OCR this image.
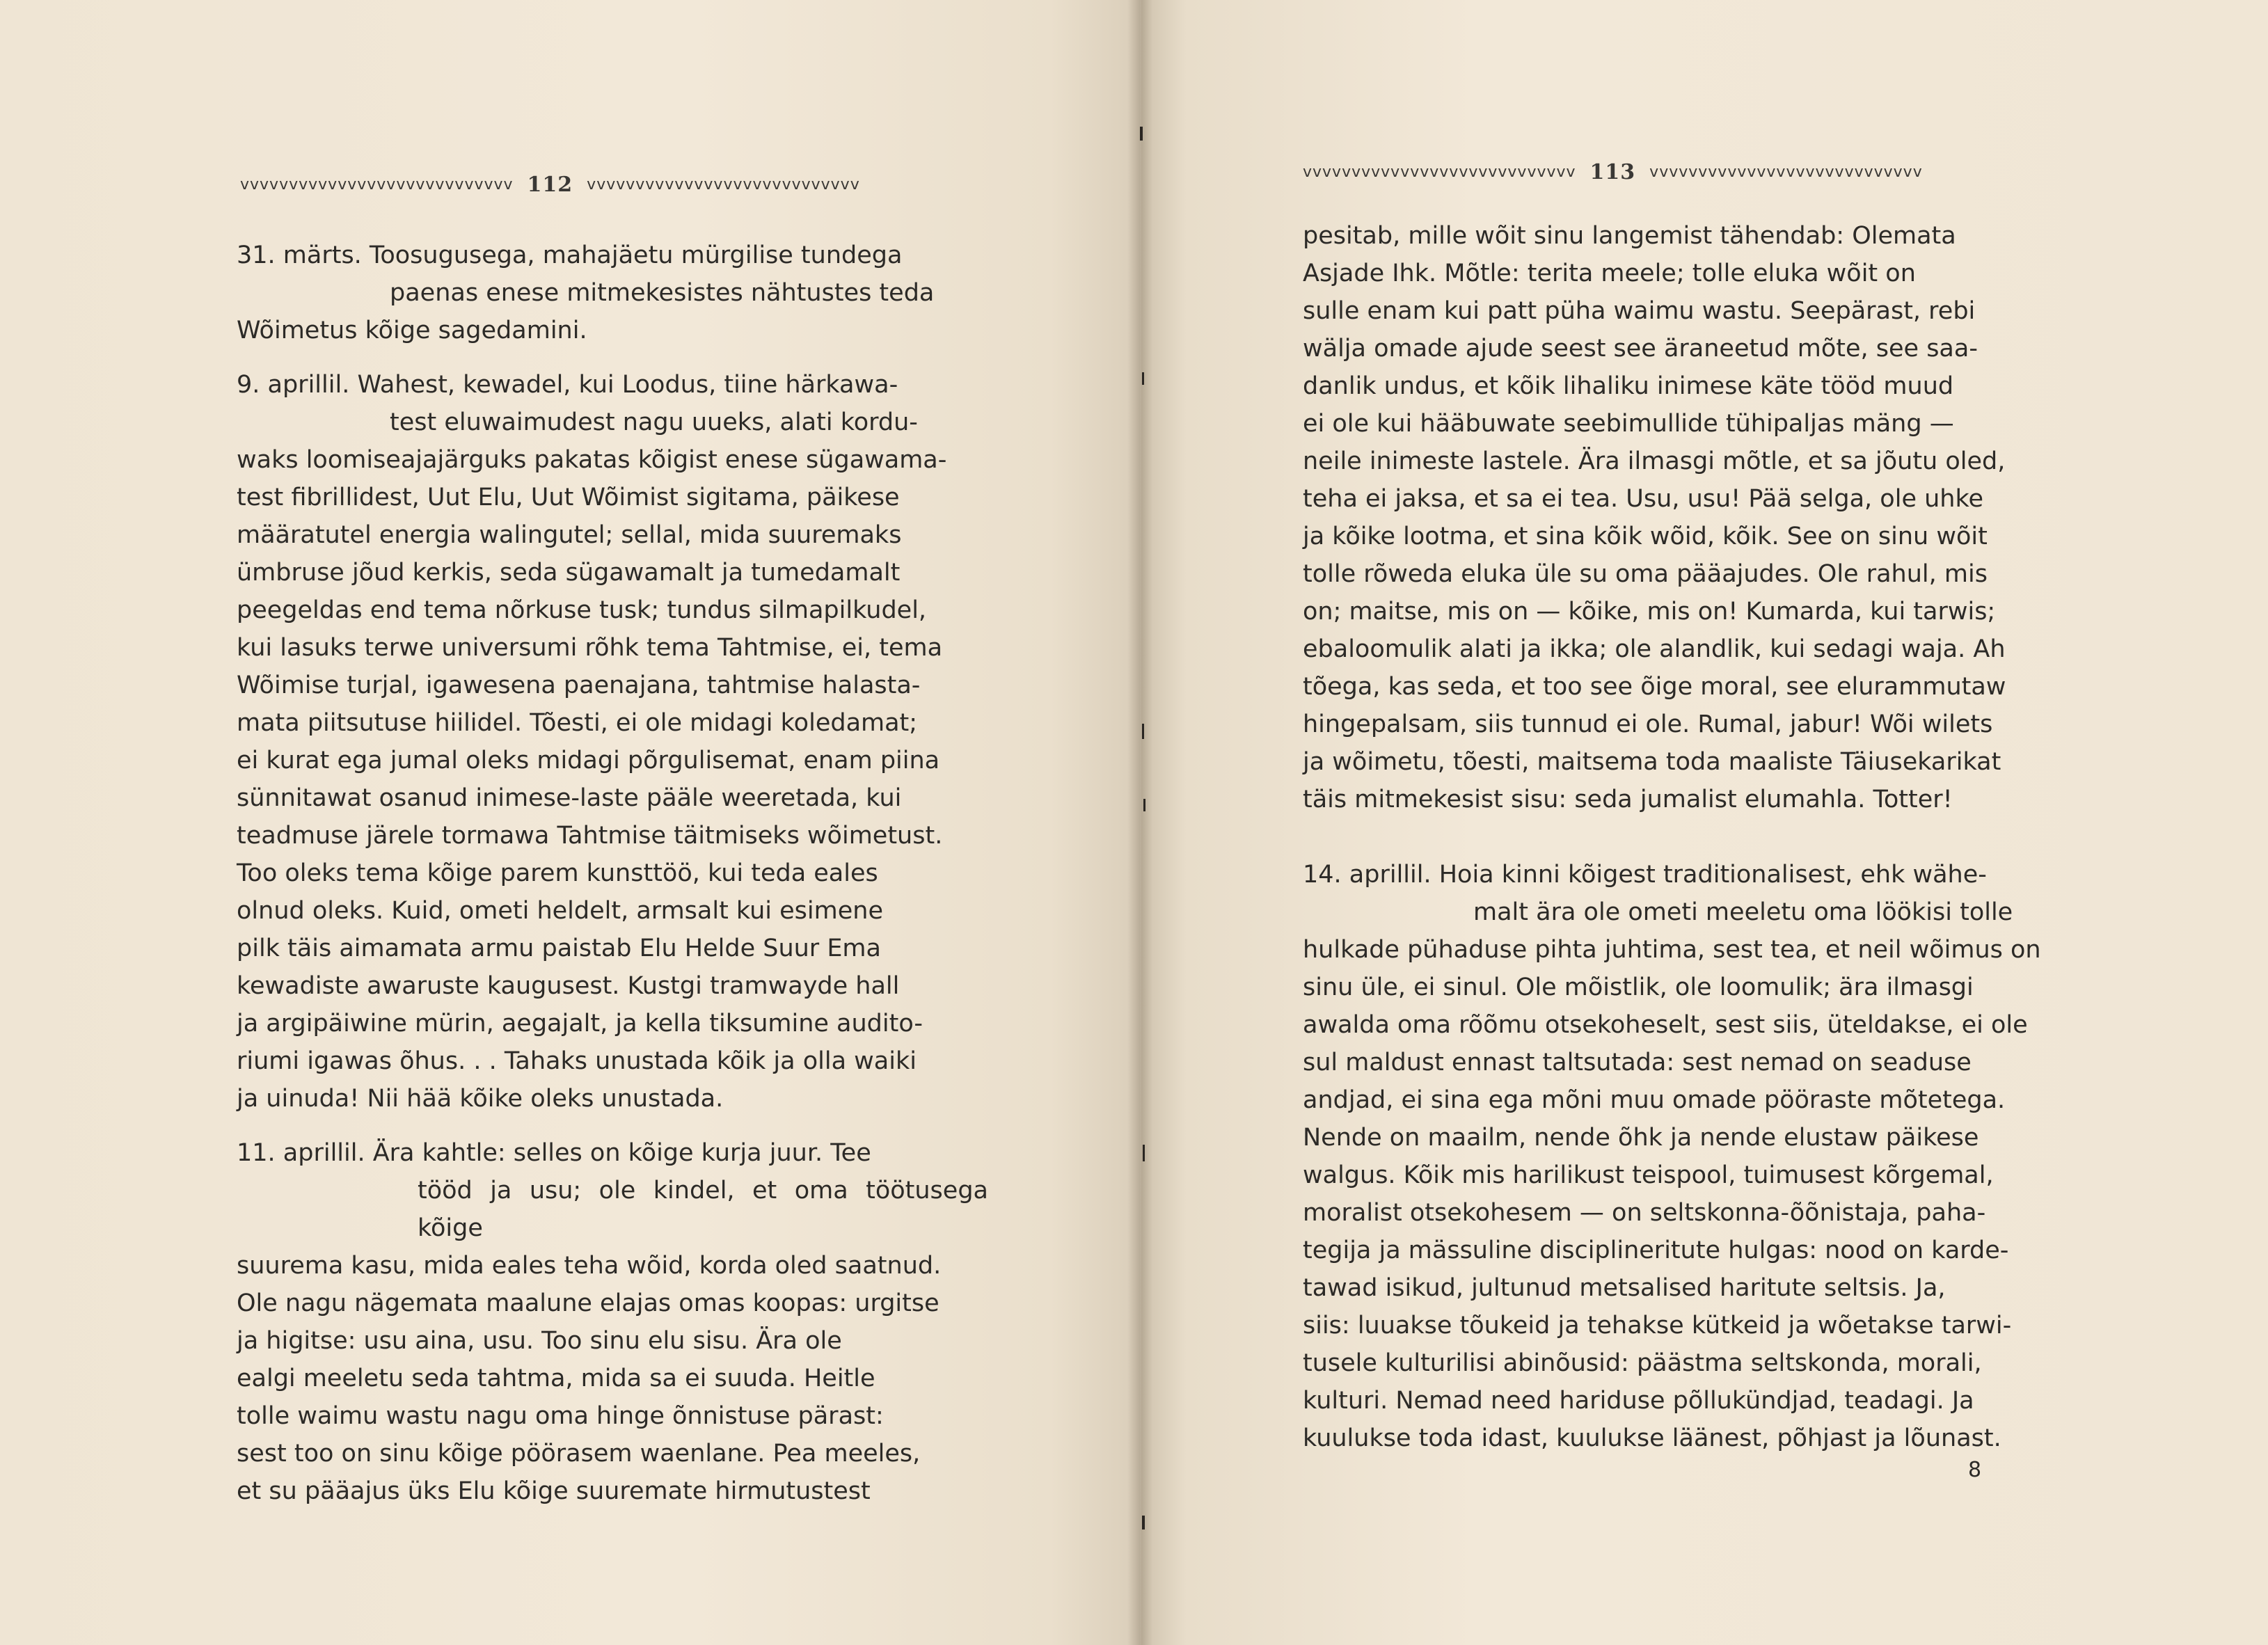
vvvvvvvvvvvvvvvvvvvvvvvvvvvv 112 vvvvvvvvvvvvvvvvvvvvvvvvvvvv
vvvvvvvvvvvvvvvvvvvvvvvvvvvv 113 vvvvvvvvvvvvvvvvvvvvvvvvvvvv

31. märts. Toosugusega, mahajäetu mürgilise tundega

paenas enese mitmekesistes nähtustes teda

Wõimetus kõige sagedamini.

9. aprillil. Wahest, kewadel, kui Loodus, tiine härkawa-

test eluwaimudest nagu uueks, alati kordu-

waks loomiseajajärguks pakatas kõigist enese sügawama-

test fibrillidest, Uut Elu, Uut Wõimist sigitama, päikese

määratutel energia walingutel; sellal, mida suuremaks

ümbruse jõud kerkis, seda sügawamalt ja tumedamalt

peegeldas end tema nõrkuse tusk; tundus silmapilkudel,

kui lasuks terwe universumi rõhk tema Tahtmise, ei, tema

Wõimise turjal, igawesena paenajana, tahtmise halasta-

mata piitsutuse hiilidel. Tõesti, ei ole midagi koledamat;

ei kurat ega jumal oleks midagi põrgulisemat, enam piina

sünnitawat osanud inimese-laste pääle weeretada, kui

teadmuse järele tormawa Tahtmise täitmiseks wõimetust.

Too oleks tema kõige parem kunsttöö, kui teda eales

olnud oleks. Kuid, ometi heldelt, armsalt kui esimene

pilk täis aimamata armu paistab Elu Helde Suur Ema

kewadiste awaruste kaugusest. Kustgi tramwayde hall

ja argipäiwine mürin, aegajalt, ja kella tiksumine audito-

riumi igawas õhus. . . Tahaks unustada kõik ja olla waiki

ja uinuda! Nii hää kõike oleks unustada.

11. aprillil. Ära kahtle: selles on kõige kurja juur. Tee

tööd ja usu; ole kindel, et oma töötusega kõige

suurema kasu, mida eales teha wõid, korda oled saatnud.

Ole nagu nägemata maalune elajas omas koopas: urgitse

ja higitse: usu aina, usu. Too sinu elu sisu. Ära ole

ealgi meeletu seda tahtma, mida sa ei suuda. Heitle

tolle waimu wastu nagu oma hinge õnnistuse pärast:

sest too on sinu kõige pöörasem waenlane. Pea meeles,

et su pääajus üks Elu kõige suuremate hirmutustest

pesitab, mille wõit sinu langemist tähendab: Olemata

Asjade Ihk. Mõtle: terita meele; tolle eluka wõit on

sulle enam kui patt püha waimu wastu. Seepärast, rebi

wälja omade ajude seest see äraneetud mõte, see saa-

danlik undus, et kõik lihaliku inimese käte tööd muud

ei ole kui hääbuwate seebimullide tühipaljas mäng —

neile inimeste lastele. Ära ilmasgi mõtle, et sa jõutu oled,

teha ei jaksa, et sa ei tea. Usu, usu! Pää selga, ole uhke

ja kõike lootma, et sina kõik wõid, kõik. See on sinu wõit

tolle rõweda eluka üle su oma pääajudes. Ole rahul, mis

on; maitse, mis on — kõike, mis on! Kumarda, kui tarwis;

ebaloomulik alati ja ikka; ole alandlik, kui sedagi waja. Ah

tõega, kas seda, et too see õige moral, see elurammutaw

hingepalsam, siis tunnud ei ole. Rumal, jabur! Wõi wilets

ja wõimetu, tõesti, maitsema toda maaliste Täiusekarikat

täis mitmekesist sisu: seda jumalist elumahla. Totter!

14. aprillil. Hoia kinni kõigest traditionalisest, ehk wähe-

malt ära ole ometi meeletu oma löökisi tolle

hulkade pühaduse pihta juhtima, sest tea, et neil wõimus on

sinu üle, ei sinul. Ole mõistlik, ole loomulik; ära ilmasgi

awalda oma rõõmu otsekoheselt, sest siis, üteldakse, ei ole

sul maldust ennast taltsutada: sest nemad on seaduse

andjad, ei sina ega mõni muu omade pööraste mõtetega.

Nende on maailm, nende õhk ja nende elustaw päikese

walgus. Kõik mis harilikust teispool, tuimusest kõrgemal,

moralist otsekohesem — on seltskonna-õõnistaja, paha-

tegija ja mässuline disciplineritute hulgas: nood on karde-

tawad isikud, jultunud metsalised haritute seltsis. Ja,

siis: luuakse tõukeid ja tehakse kütkeid ja wõetakse tarwi-

tusele kulturilisi abinõusid: päästma seltskonda, morali,

kulturi. Nemad need hariduse põllukündjad, teadagi. Ja

kuulukse toda idast, kuulukse läänest, põhjast ja lõunast.

8
